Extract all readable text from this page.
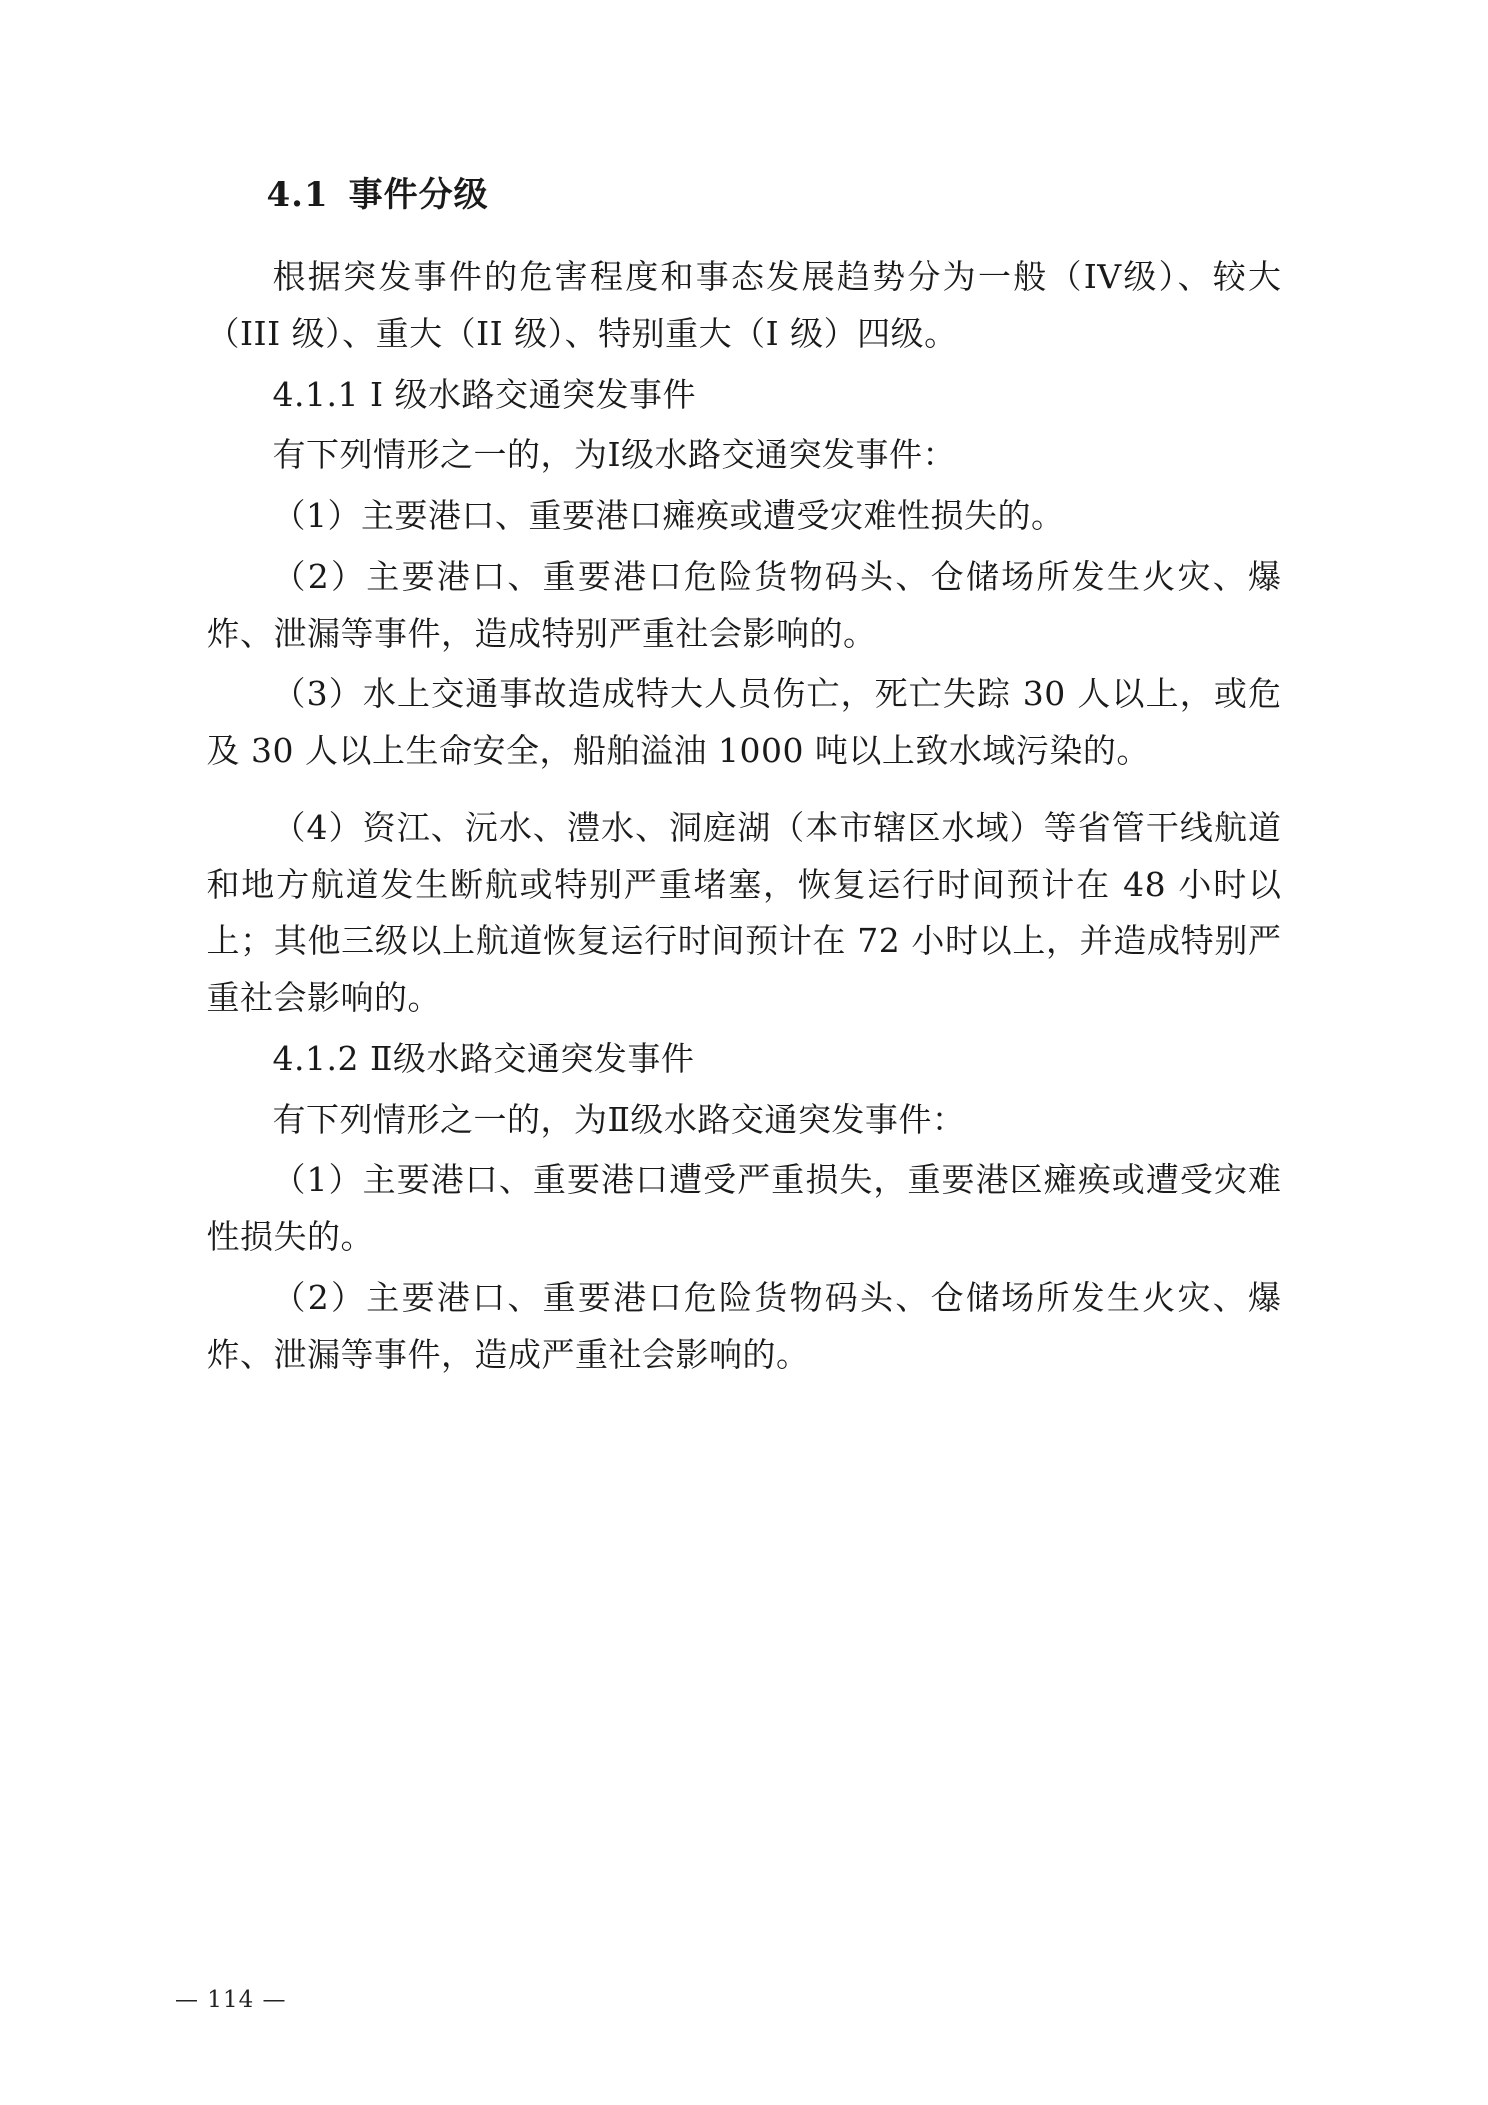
4.1 事件分级

根据突发事件的危害程度和事态发展趋势分为一般（IV级）、较大（III 级）、重大（II 级）、特别重大（I 级）四级。

4.1.1 I 级水路交通突发事件

有下列情形之一的，为Ⅰ级水路交通突发事件：

（1）主要港口、重要港口瘫痪或遭受灾难性损失的。

（2）主要港口、重要港口危险货物码头、仓储场所发生火灾、爆炸、泄漏等事件，造成特别严重社会影响的。

（3）水上交通事故造成特大人员伤亡，死亡失踪 30 人以上，或危及 30 人以上生命安全，船舶溢油 1000 吨以上致水域污染的。

（4）资江、沅水、澧水、洞庭湖（本市辖区水域）等省管干线航道和地方航道发生断航或特别严重堵塞，恢复运行时间预计在 48 小时以上；其他三级以上航道恢复运行时间预计在 72 小时以上，并造成特别严重社会影响的。

4.1.2 Ⅱ级水路交通突发事件

有下列情形之一的，为Ⅱ级水路交通突发事件：

（1）主要港口、重要港口遭受严重损失，重要港区瘫痪或遭受灾难性损失的。

（2）主要港口、重要港口危险货物码头、仓储场所发生火灾、爆炸、泄漏等事件，造成严重社会影响的。

— 114 —
